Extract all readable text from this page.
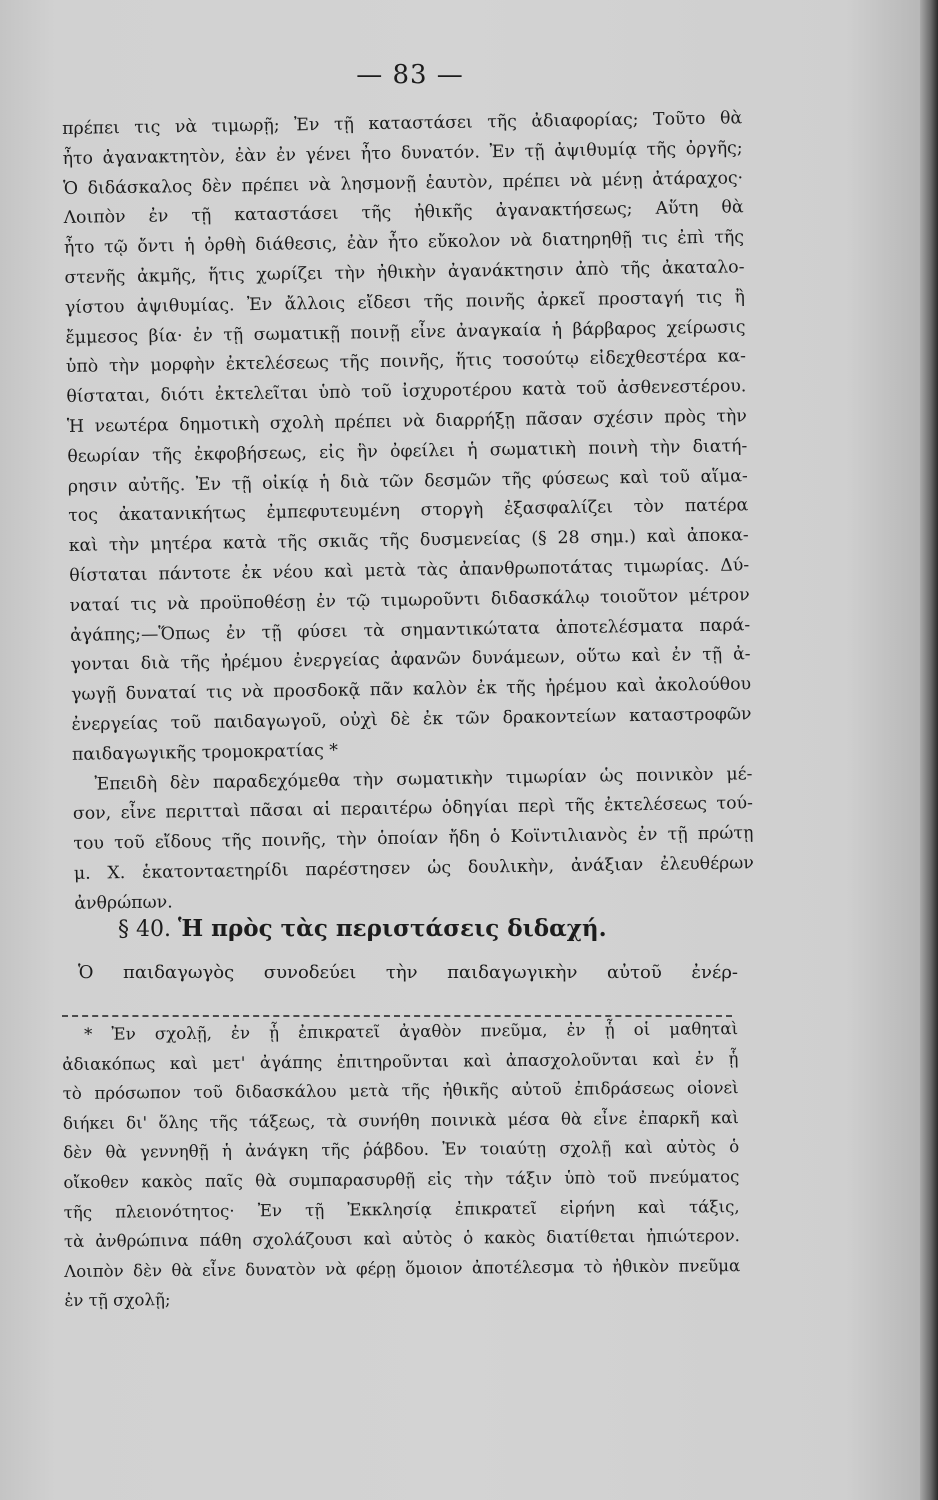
— 83 —
πρέπει τις νὰ τιμωρῇ; Ἐν τῇ καταστάσει τῆς ἀδιαφορίας; Τοῦτο θὰ
ἦτο ἀγανακτητὸν, ἐὰν ἐν γένει ἦτο δυνατόν. Ἐν τῇ ἀψιθυμίᾳ τῆς ὀργῆς;
Ὁ διδάσκαλος δὲν πρέπει νὰ λησμονῇ ἑαυτὸν, πρέπει νὰ μένῃ ἀτάραχος·
Λοιπὸν ἐν τῇ καταστάσει τῆς ἠθικῆς ἀγανακτήσεως; Αὕτη θὰ
ἦτο τῷ ὄντι ἡ ὀρθὴ διάθεσις, ἐὰν ἦτο εὔκολον νὰ διατηρηθῇ τις ἐπὶ τῆς
στενῆς ἀκμῆς, ἥτις χωρίζει τὴν ἠθικὴν ἀγανάκτησιν ἀπὸ τῆς ἀκαταλο-
γίστου ἀψιθυμίας. Ἐν ἄλλοις εἴδεσι τῆς ποινῆς ἀρκεῖ προσταγή τις ἢ
ἔμμεσος βία· ἐν τῇ σωματικῇ ποινῇ εἶνε ἀναγκαία ἡ βάρβαρος χείρωσις
ὑπὸ τὴν μορφὴν ἐκτελέσεως τῆς ποινῆς, ἥτις τοσούτῳ εἰδεχθεστέρα κα-
θίσταται, διότι ἐκτελεῖται ὑπὸ τοῦ ἰσχυροτέρου κατὰ τοῦ ἀσθενεστέρου.
Ἡ νεωτέρα δημοτικὴ σχολὴ πρέπει νὰ διαρρήξῃ πᾶσαν σχέσιν πρὸς τὴν
θεωρίαν τῆς ἐκφοβήσεως, εἰς ἣν ὀφείλει ἡ σωματικὴ ποινὴ τὴν διατή-
ρησιν αὐτῆς. Ἐν τῇ οἰκίᾳ ἡ διὰ τῶν δεσμῶν τῆς φύσεως καὶ τοῦ αἵμα-
τος ἀκατανικήτως ἐμπεφυτευμένη στοργὴ ἐξασφαλίζει τὸν πατέρα
καὶ τὴν μητέρα κατὰ τῆς σκιᾶς τῆς δυσμενείας (§ 28 σημ.) καὶ ἀποκα-
θίσταται πάντοτε ἐκ νέου καὶ μετὰ τὰς ἀπανθρωποτάτας τιμωρίας. Δύ-
ναταί τις νὰ προϋποθέσῃ ἐν τῷ τιμωροῦντι διδασκάλῳ τοιοῦτον μέτρον
ἀγάπης;—Ὅπως ἐν τῇ φύσει τὰ σημαντικώτατα ἀποτελέσματα παρά-
γονται διὰ τῆς ἠρέμου ἐνεργείας ἀφανῶν δυνάμεων, οὕτω καὶ ἐν τῇ ἀ-
γωγῇ δυναταί τις νὰ προσδοκᾷ πᾶν καλὸν ἐκ τῆς ἠρέμου καὶ ἀκολούθου
ἐνεργείας τοῦ παιδαγωγοῦ, οὐχὶ δὲ ἐκ τῶν δρακοντείων καταστροφῶν
παιδαγωγικῆς τρομοκρατίας *
Ἐπειδὴ δὲν παραδεχόμεθα τὴν σωματικὴν τιμωρίαν ὡς ποινικὸν μέ-
σον, εἶνε περιτταὶ πᾶσαι αἱ περαιτέρω ὁδηγίαι περὶ τῆς ἐκτελέσεως τού-
του τοῦ εἴδους τῆς ποινῆς, τὴν ὁποίαν ἤδη ὁ Κοϊντιλιανὸς ἐν τῇ πρώτῃ
μ. Χ. ἑκατονταετηρίδι παρέστησεν ὡς δουλικὴν, ἀνάξιαν ἐλευθέρων
ἀνθρώπων.
§ 40. Ἡ πρὸς τὰς περιστάσεις διδαχή.
Ὁ παιδαγωγὸς συνοδεύει τὴν παιδαγωγικὴν αὐτοῦ ἐνέρ-
* Ἐν σχολῇ, ἐν ᾗ ἐπικρατεῖ ἀγαθὸν πνεῦμα, ἐν ᾗ οἱ μαθηταὶ
ἀδιακόπως καὶ μετ' ἀγάπης ἐπιτηροῦνται καὶ ἀπασχολοῦνται καὶ ἐν ᾗ
τὸ πρόσωπον τοῦ διδασκάλου μετὰ τῆς ἠθικῆς αὐτοῦ ἐπιδράσεως οἱονεὶ
διήκει δι' ὅλης τῆς τάξεως, τὰ συνήθη ποινικὰ μέσα θὰ εἶνε ἐπαρκῆ καὶ
δὲν θὰ γεννηθῇ ἡ ἀνάγκη τῆς ῥάβδου. Ἐν τοιαύτῃ σχολῇ καὶ αὐτὸς ὁ
οἴκοθεν κακὸς παῖς θὰ συμπαρασυρθῇ εἰς τὴν τάξιν ὑπὸ τοῦ πνεύματος
τῆς πλειονότητος· Ἐν τῇ Ἐκκλησίᾳ ἐπικρατεῖ εἰρήνη καὶ τάξις,
τὰ ἀνθρώπινα πάθη σχολάζουσι καὶ αὐτὸς ὁ κακὸς διατίθεται ἠπιώτερον.
Λοιπὸν δὲν θὰ εἶνε δυνατὸν νὰ φέρῃ ὅμοιον ἀποτέλεσμα τὸ ἠθικὸν πνεῦμα
ἐν τῇ σχολῇ;
